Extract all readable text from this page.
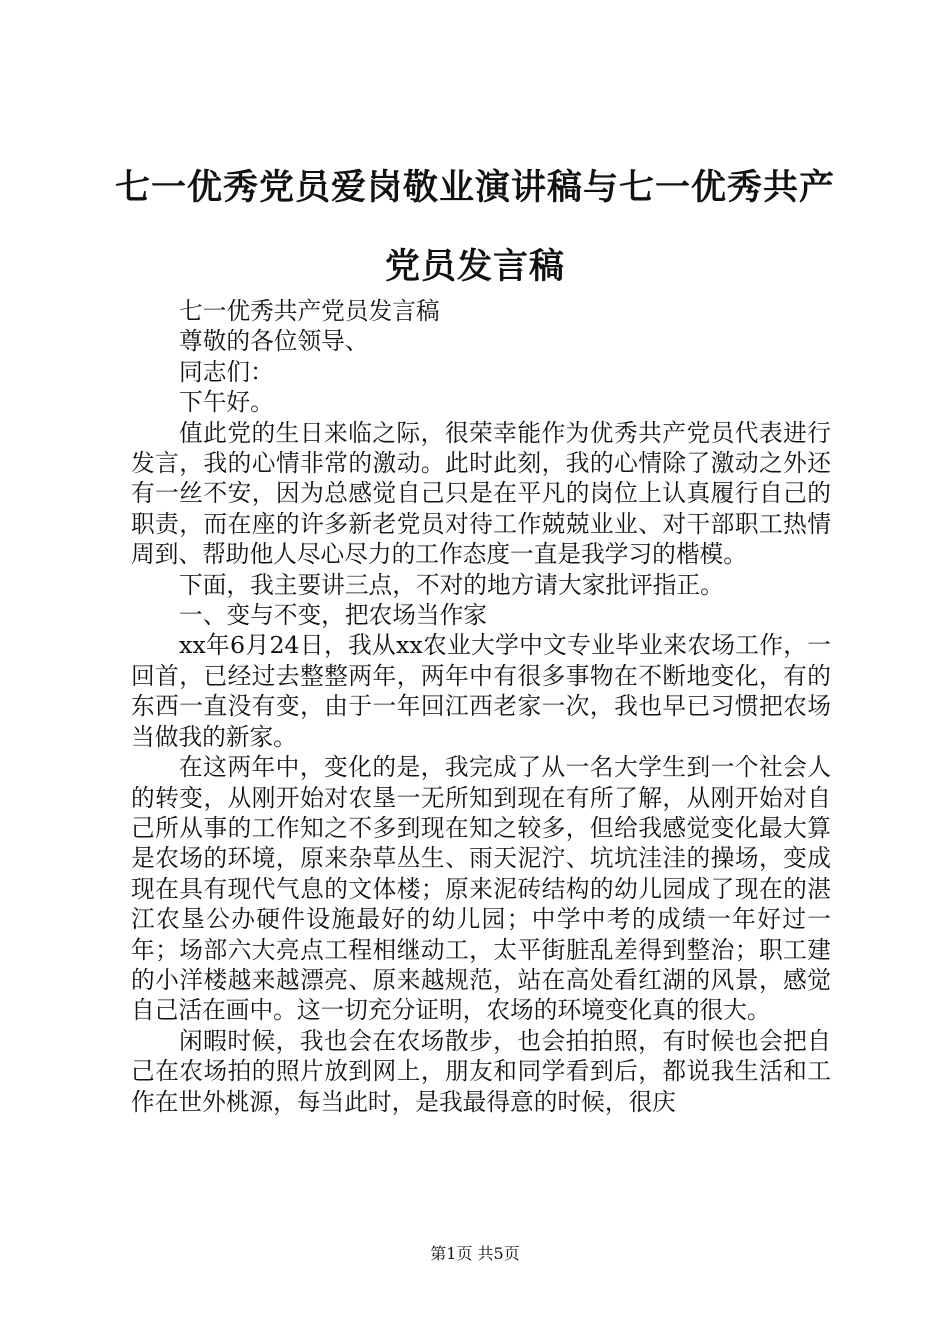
七一优秀党员爱岗敬业演讲稿与七一优秀共产
党员发言稿

七一优秀共产党员发言稿

尊敬的各位领导、

同志们：

下午好。

值此党的生日来临之际，很荣幸能作为优秀共产党员代表进行发言，我的心情非常的激动。此时此刻，我的心情除了激动之外还有一丝不安，因为总感觉自己只是在平凡的岗位上认真履行自己的职责，而在座的许多新老党员对待工作兢兢业业、对干部职工热情周到、帮助他人尽心尽力的工作态度一直是我学习的楷模。

下面，我主要讲三点，不对的地方请大家批评指正。

一、变与不变，把农场当作家

xx年6月24日，我从xx农业大学中文专业毕业来农场工作，一回首，已经过去整整两年，两年中有很多事物在不断地变化，有的东西一直没有变，由于一年回江西老家一次，我也早已习惯把农场当做我的新家。

在这两年中，变化的是，我完成了从一名大学生到一个社会人的转变，从刚开始对农垦一无所知到现在有所了解，从刚开始对自己所从事的工作知之不多到现在知之较多，但给我感觉变化最大算是农场的环境，原来杂草丛生、雨天泥泞、坑坑洼洼的操场，变成现在具有现代气息的文体楼；原来泥砖结构的幼儿园成了现在的湛江农垦公办硬件设施最好的幼儿园；中学中考的成绩一年好过一年；场部六大亮点工程相继动工，太平街脏乱差得到整治；职工建的小洋楼越来越漂亮、原来越规范，站在高处看红湖的风景，感觉自己活在画中。这一切充分证明，农场的环境变化真的很大。

闲暇时候，我也会在农场散步，也会拍拍照，有时候也会把自己在农场拍的照片放到网上，朋友和同学看到后，都说我生活和工作在世外桃源，每当此时，是我最得意的时候，很庆

第1页 共5页
